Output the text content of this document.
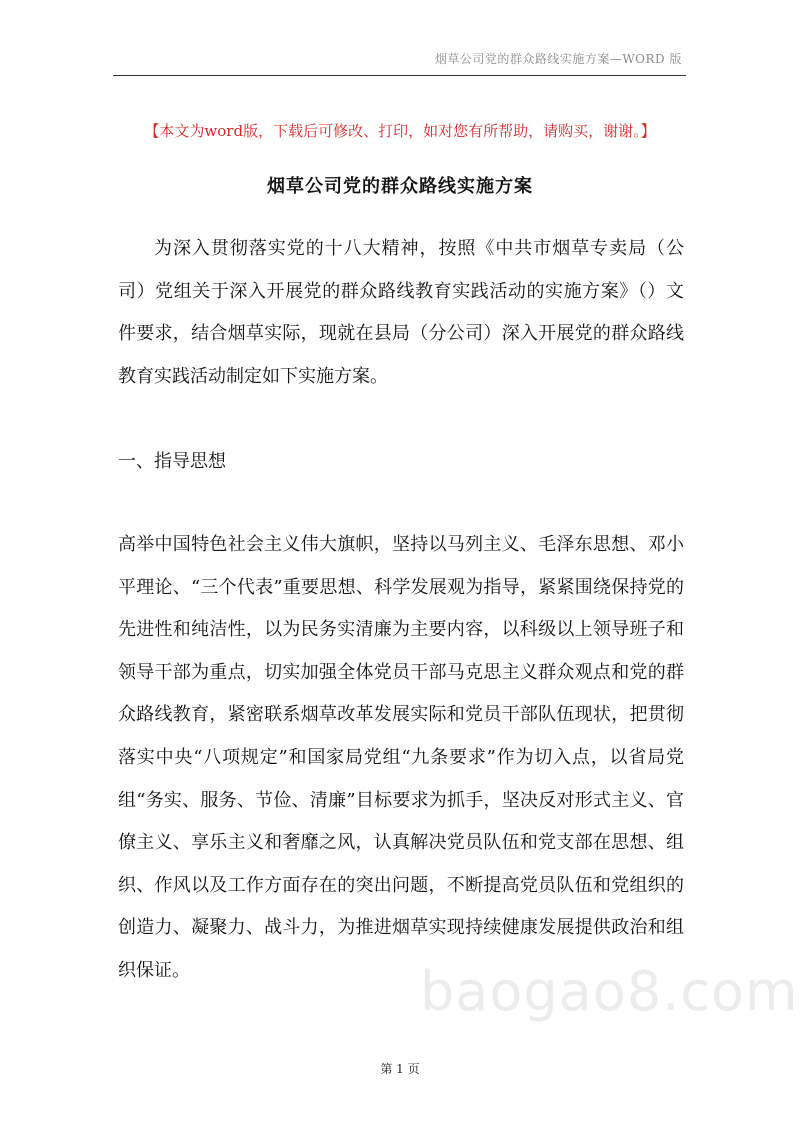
烟草公司党的群众路线实施方案—WORD 版
【本文为word版，下载后可修改、打印，如对您有所帮助，请购买，谢谢。】
烟草公司党的群众路线实施方案

为深入贯彻落实党的十八大精神，按照《中共市烟草专卖局（公司）党组关于深入开展党的群众路线教育实践活动的实施方案》（）文件要求，结合烟草实际，现就在县局（分公司）深入开展党的群众路线教育实践活动制定如下实施方案。

一、指导思想

高举中国特色社会主义伟大旗帜，坚持以马列主义、毛泽东思想、邓小平理论、“三个代表”重要思想、科学发展观为指导，紧紧围绕保持党的先进性和纯洁性，以为民务实清廉为主要内容，以科级以上领导班子和领导干部为重点，切实加强全体党员干部马克思主义群众观点和党的群众路线教育，紧密联系烟草改革发展实际和党员干部队伍现状，把贯彻落实中央“八项规定”和国家局党组“九条要求”作为切入点，以省局党组“务实、服务、节俭、清廉”目标要求为抓手，坚决反对形式主义、官僚主义、享乐主义和奢靡之风，认真解决党员队伍和党支部在思想、组织、作风以及工作方面存在的突出问题，不断提高党员队伍和党组织的创造力、凝聚力、战斗力，为推进烟草实现持续健康发展提供政治和组织保证。	baogao8.com
第 1 页
